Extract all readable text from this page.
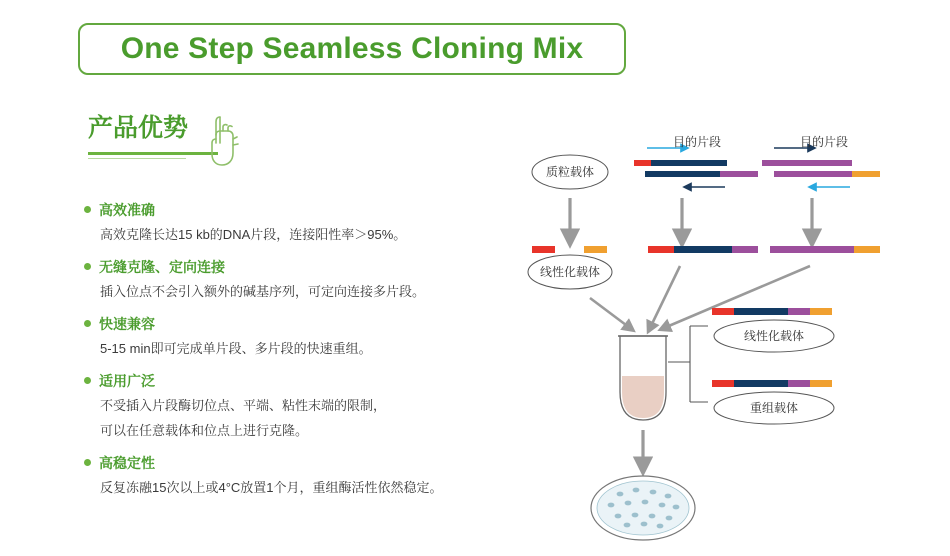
One Step Seamless Cloning Mix
产品优势
高效准确
高效克隆长达15 kb的DNA片段，连接阳性率＞95%。
无缝克隆、定向连接
插入位点不会引入额外的碱基序列，可定向连接多片段。
快速兼容
5-15 min即可完成单片段、多片段的快速重组。
适用广泛
不受插入片段酶切位点、平端、粘性末端的限制，
可以在任意载体和位点上进行克隆。
高稳定性
反复冻融15次以上或4°C放置1个月，重组酶活性依然稳定。
质粒载体
目的片段	目的片段
线性化载体
线性化载体
重组载体
